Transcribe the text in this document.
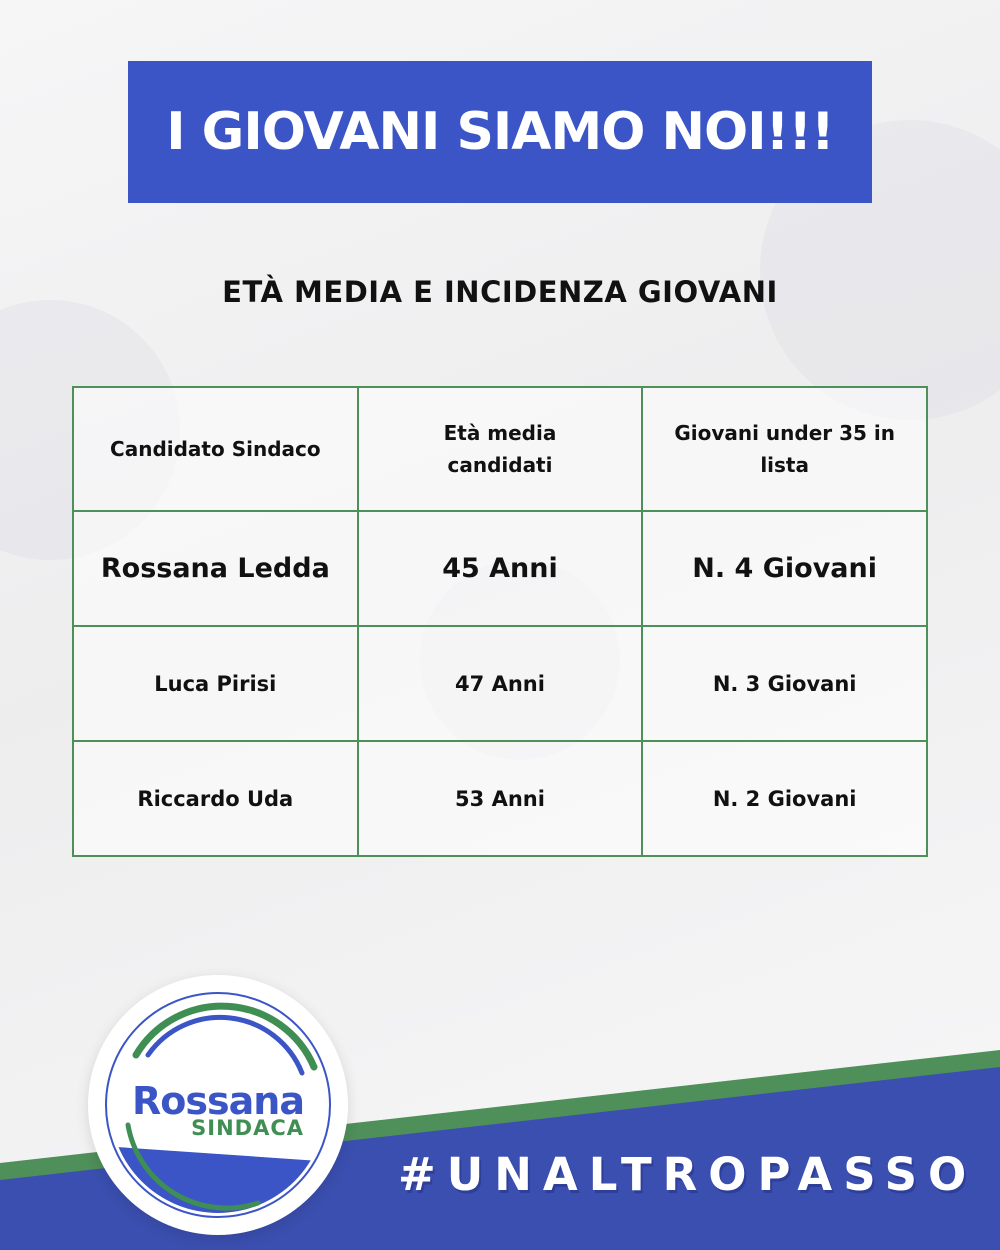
I GIOVANI SIAMO NOI!!!
ETÀ MEDIA E INCIDENZA GIOVANI
Candidato Sindaco	Età media candidati	Giovani under 35 in lista
Rossana Ledda	45 Anni	N. 4 Giovani
Luca Pirisi	47 Anni	N. 3 Giovani
Riccardo Uda	53 Anni	N. 2 Giovani
#UNALTROPASSO
Rossana
SINDACA
